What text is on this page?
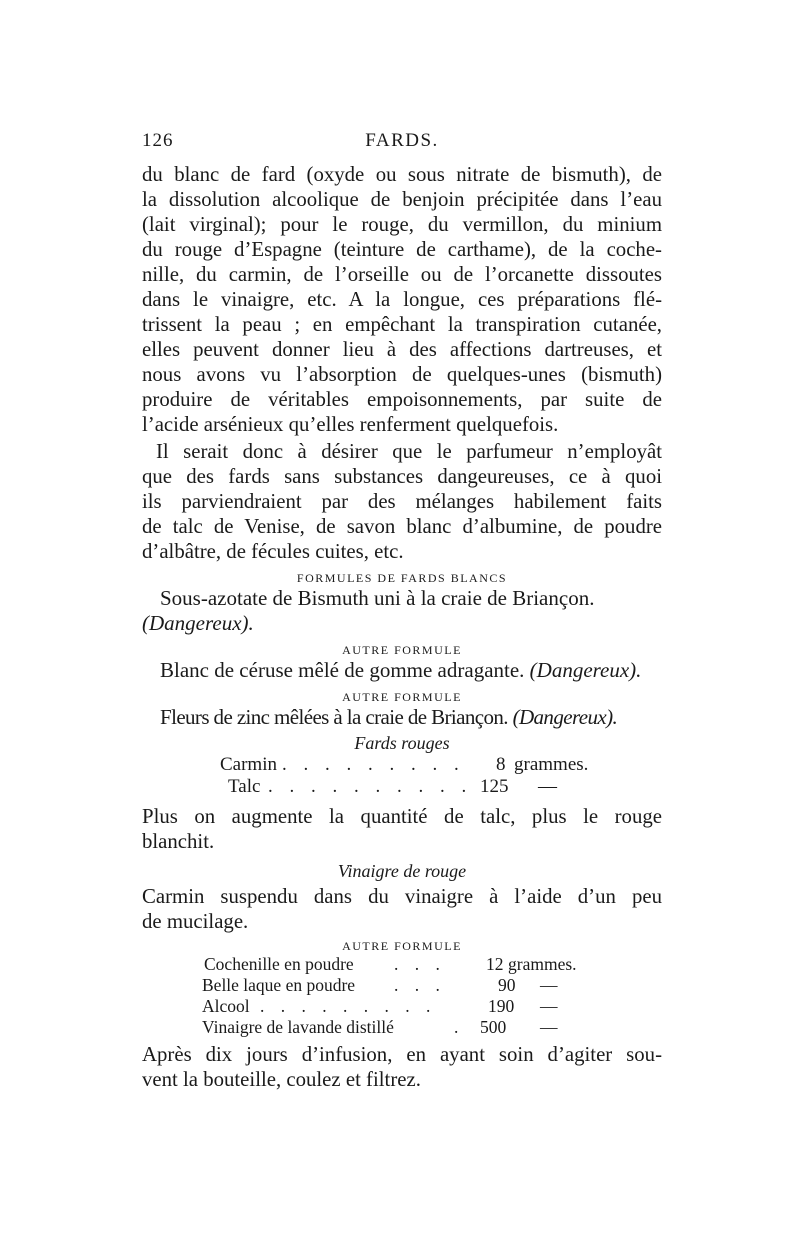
126	FARDS.

du blanc de fard (oxyde ou sous nitrate de bismuth), de
la dissolution alcoolique de benjoin précipitée dans l’eau
(lait virginal); pour le rouge, du vermillon, du minium
du rouge d’Espagne (teinture de carthame), de la coche-
nille, du carmin, de l’orseille ou de l’orcanette dissoutes
dans le vinaigre, etc. A la longue, ces préparations flé-
trissent la peau ; en empêchant la transpiration cutanée,
elles peuvent donner lieu à des affections dartreuses, et
nous avons vu l’absorption de quelques-unes (bismuth)
produire de véritables empoisonnements, par suite de
l’acide arsénieux qu’elles renferment quelquefois.

Il serait donc à désirer que le parfumeur n’employât
que des fards sans substances dangeureuses, ce à quoi
ils parviendraient par des mélanges habilement faits
de talc de Venise, de savon blanc d’albumine, de poudre
d’albâtre, de fécules cuites, etc.

FORMULES DE FARDS BLANCS

Sous-azotate de Bismuth uni à la craie de Briançon.

(Dangereux).

AUTRE FORMULE

Blanc de céruse mêlé de gomme adragante. (Dangereux).

AUTRE FORMULE

Fleurs de zinc mêlées à la craie de Briançon. (Dangereux).

Fards rouges
Carmin . . . . . . . . . 8 grammes.
Talc . . . . . . . . . . 125 —

Plus on augmente la quantité de talc, plus le rouge
blanchit.

Vinaigre de rouge

Carmin suspendu dans du vinaigre à l’aide d’un peu
de mucilage.

AUTRE FORMULE
Cochenille en poudre . . . 12 grammes.
Belle laque en poudre . . .	90 —
Alcool . . . . . . . . .	190 —
Vinaigre de lavande distillé	. 500 —

Après dix jours d’infusion, en ayant soin d’agiter sou-
vent la bouteille, coulez et filtrez.
